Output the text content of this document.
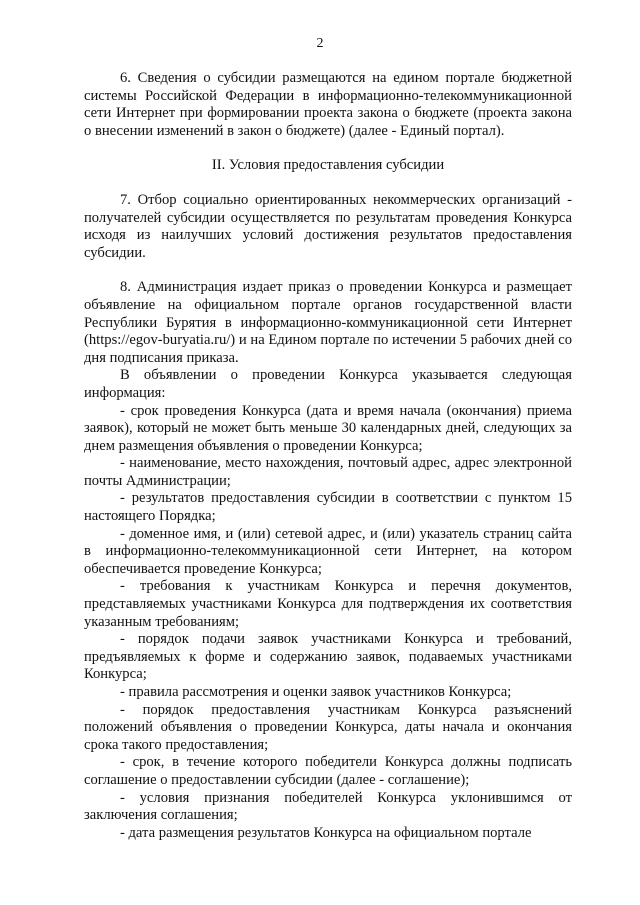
2

6. Сведения о субсидии размещаются на едином портале бюджетной системы Российской Федерации в информационно-телекоммуникационной сети Интернет при формировании проекта закона о бюджете (проекта закона о внесении изменений в закон о бюджете) (далее - Единый портал).

II. Условия предоставления субсидии

7. Отбор социально ориентированных некоммерческих организаций - получателей субсидии осуществляется по результатам проведения Конкурса исходя из наилучших условий достижения результатов предоставления субсидии.

8. Администрация издает приказ о проведении Конкурса и размещает объявление на официальном портале органов государственной власти Республики Бурятия в информационно-коммуникационной сети Интернет (https://egov-buryatia.ru/) и на Едином портале по истечении 5 рабочих дней со дня подписания приказа.

В объявлении о проведении Конкурса указывается следующая информация:

- срок проведения Конкурса (дата и время начала (окончания) приема заявок), который не может быть меньше 30 календарных дней, следующих за днем размещения объявления о проведении Конкурса;

- наименование, место нахождения, почтовый адрес, адрес электронной почты Администрации;

- результатов предоставления субсидии в соответствии с пунктом 15 настоящего Порядка;

- доменное имя, и (или) сетевой адрес, и (или) указатель страниц сайта в информационно-телекоммуникационной сети Интернет, на котором обеспечивается проведение Конкурса;

- требования к участникам Конкурса и перечня документов, представляемых участниками Конкурса для подтверждения их соответствия указанным требованиям;

- порядок подачи заявок участниками Конкурса и требований, предъявляемых к форме и содержанию заявок, подаваемых участниками Конкурса;

- правила рассмотрения и оценки заявок участников Конкурса;

- порядок предоставления участникам Конкурса разъяснений положений объявления о проведении Конкурса, даты начала и окончания срока такого предоставления;

- срок, в течение которого победители Конкурса должны подписать соглашение о предоставлении субсидии (далее - соглашение);

- условия признания победителей Конкурса уклонившимся от заключения соглашения;

- дата размещения результатов Конкурса на официальном портале
